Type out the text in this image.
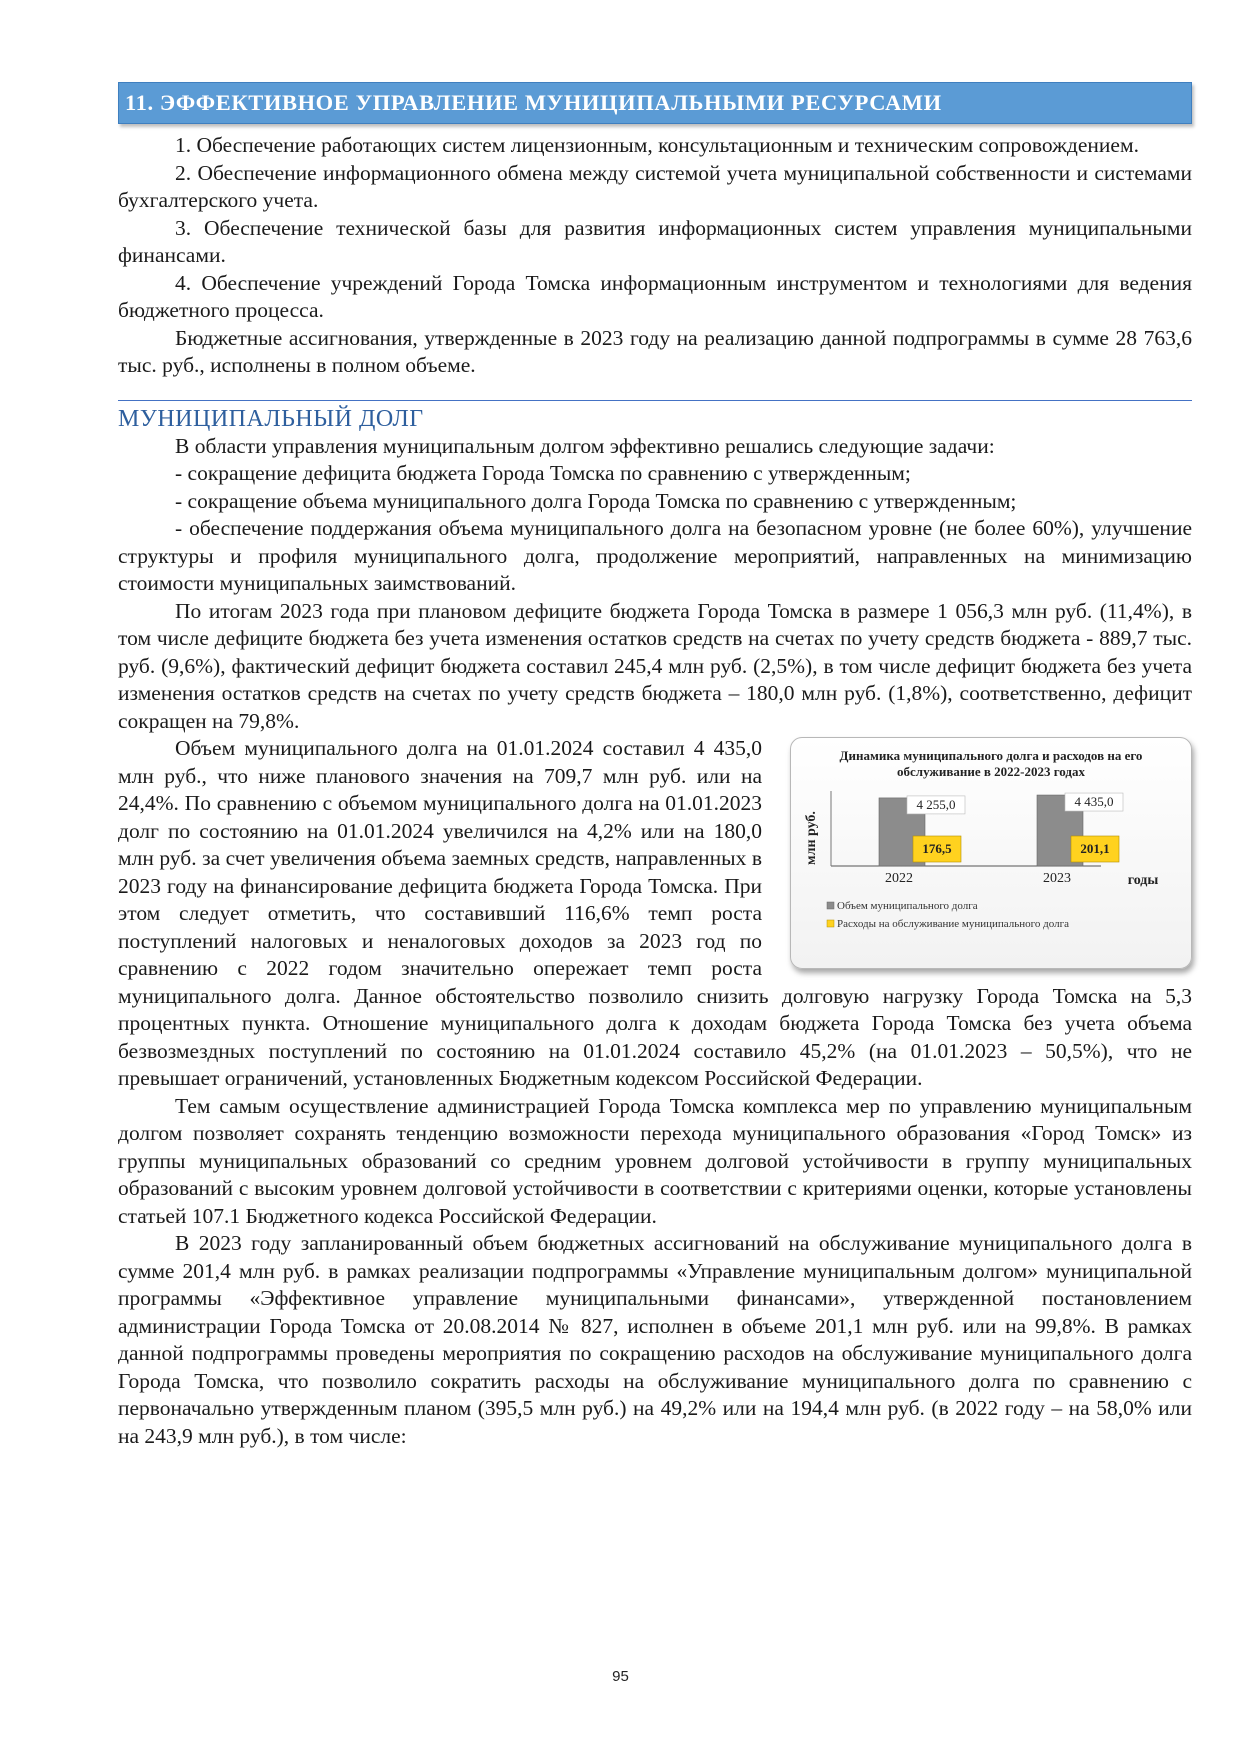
11. ЭФФЕКТИВНОЕ УПРАВЛЕНИЕ МУНИЦИПАЛЬНЫМИ РЕСУРСАМИ

1. Обеспечение работающих систем лицензионным, консультационным и техническим сопровождением.

2. Обеспечение информационного обмена между системой учета муниципальной собственности и системами бухгалтерского учета.

3. Обеспечение технической базы для развития информационных систем управления муниципальными финансами.

4. Обеспечение учреждений Города Томска информационным инструментом и технологиями для ведения бюджетного процесса.

Бюджетные ассигнования, утвержденные в 2023 году на реализацию данной подпрограммы в сумме 28 763,6 тыс. руб., исполнены в полном объеме.

МУНИЦИПАЛЬНЫЙ ДОЛГ

В области управления муниципальным долгом эффективно решались следующие задачи:

- сокращение дефицита бюджета Города Томска по сравнению с утвержденным;

- сокращение объема муниципального долга Города Томска по сравнению с утвержденным;

- обеспечение поддержания объема муниципального долга на безопасном уровне (не более 60%), улучшение структуры и профиля муниципального долга, продолжение мероприятий, направленных на минимизацию стоимости муниципальных заимствований.

По итогам 2023 года при плановом дефиците бюджета Города Томска в размере 1 056,3 млн руб. (11,4%), в том числе дефиците бюджета без учета изменения остатков средств на счетах по учету средств бюджета - 889,7 тыс. руб. (9,6%), фактический дефицит бюджета составил 245,4 млн руб. (2,5%), в том числе дефицит бюджета без учета изменения остатков средств на счетах по учету средств бюджета – 180,0 млн руб. (1,8%), соответственно, дефицит сокращен на 79,8%.

4 255,0
176,5
2022
4 435,0
201,1
2023	годы
млн руб.
Объем муниципального долга
Расходы на обслуживание муниципального долга
Динамика муниципального долга и расходов на его обслуживание в 2022-2023 годах

Объем муниципального долга на 01.01.2024 составил 4 435,0 млн руб., что ниже планового значения на 709,7 млн руб. или на 24,4%. По сравнению с объемом муниципального долга на 01.01.2023 долг по состоянию на 01.01.2024 увеличился на 4,2% или на 180,0 млн руб. за счет увеличения объема заемных средств, направленных в 2023 году на финансирование дефицита бюджета Города Томска. При этом следует отметить, что составивший 116,6% темп роста поступлений налоговых и неналоговых доходов за 2023 год по сравнению с 2022 годом значительно опережает темп роста муниципального долга. Данное обстоятельство позволило снизить долговую нагрузку Города Томска на 5,3 процентных пункта. Отношение муниципального долга к доходам бюджета Города Томска без учета объема безвозмездных поступлений по состоянию на 01.01.2024 составило 45,2% (на 01.01.2023 – 50,5%), что не превышает ограничений, установленных Бюджетным кодексом Российской Федерации.

Тем самым осуществление администрацией Города Томска комплекса мер по управлению муниципальным долгом позволяет сохранять тенденцию возможности перехода муниципального образования «Город Томск» из группы муниципальных образований со средним уровнем долговой устойчивости в группу муниципальных образований с высоким уровнем долговой устойчивости в соответствии с критериями оценки, которые установлены статьей 107.1 Бюджетного кодекса Российской Федерации.

В 2023 году запланированный объем бюджетных ассигнований на обслуживание муниципального долга в сумме 201,4 млн руб. в рамках реализации подпрограммы «Управление муниципальным долгом» муниципальной программы «Эффективное управление муниципальными финансами», утвержденной постановлением администрации Города Томска от 20.08.2014 № 827, исполнен в объеме 201,1 млн руб. или на 99,8%. В рамках данной подпрограммы проведены мероприятия по сокращению расходов на обслуживание муниципального долга Города Томска, что позволило сократить расходы на обслуживание муниципального долга по сравнению с первоначально утвержденным планом (395,5 млн руб.) на 49,2% или на 194,4 млн руб. (в 2022 году – на 58,0% или на 243,9 млн руб.), в том числе:

95
